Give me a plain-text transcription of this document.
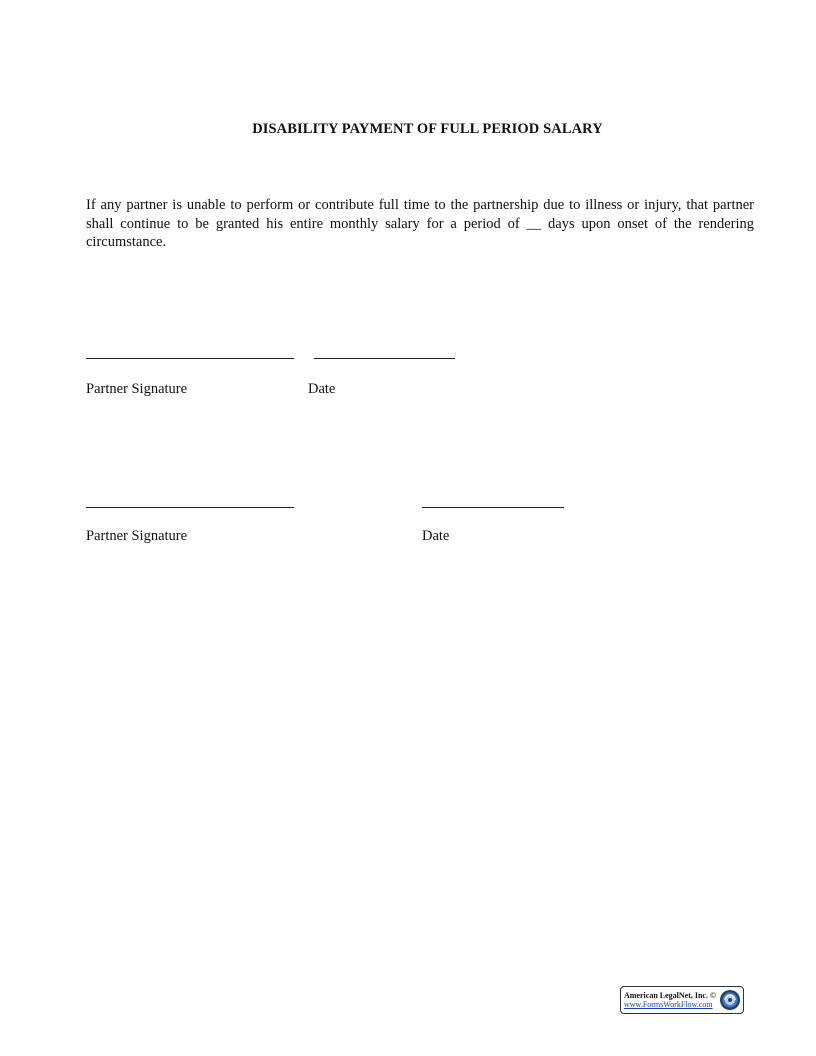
DISABILITY PAYMENT OF FULL PERIOD SALARY
If any partner is unable to perform or contribute full time to the partnership due to illness or injury, that partner shall continue to be granted his entire monthly salary for a period of __ days upon onset of the rendering circumstance.
Partner Signature	Date
Partner Signature	Date
American LegalNet, Inc. ©
www.FormsWorkFlow.com
